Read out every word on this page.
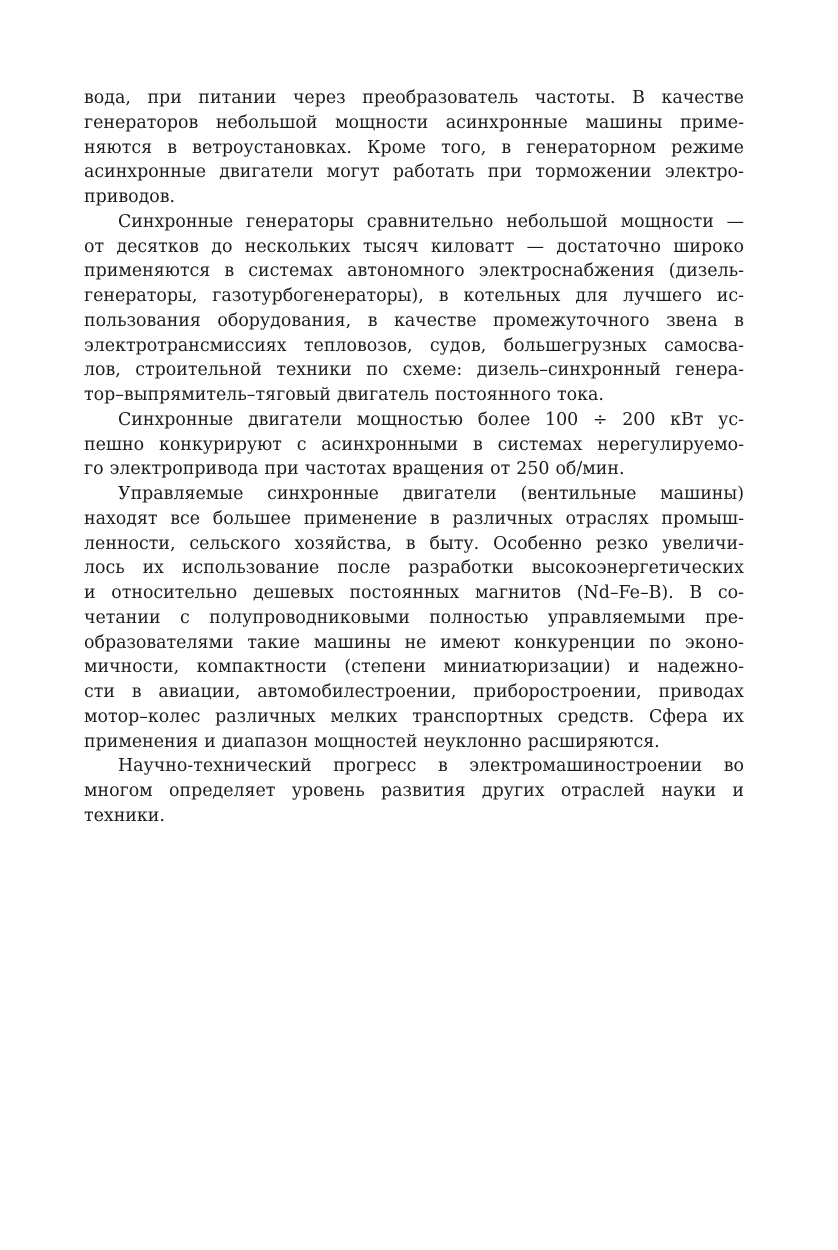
вода, при питании через преобразователь частоты. В качестве
генераторов небольшой мощности асинхронные машины приме-
няются в ветроустановках. Кроме того, в генераторном режиме
асинхронные двигатели могут работать при торможении электро-
приводов.
Синхронные генераторы сравнительно небольшой мощности —
от десятков до нескольких тысяч киловатт — достаточно широко
применяются в системах автономного электроснабжения (дизель-
генераторы, газотурбогенераторы), в котельных для лучшего ис-
пользования оборудования, в качестве промежуточного звена в
электротрансмиссиях тепловозов, судов, большегрузных самосва-
лов, строительной техники по схеме: дизель–синхронный генера-
тор–выпрямитель–тяговый двигатель постоянного тока.
Синхронные двигатели мощностью более 100 ÷ 200 кВт ус-
пешно конкурируют с асинхронными в системах нерегулируемо-
го электропривода при частотах вращения от 250 об/мин.
Управляемые синхронные двигатели (вентильные машины)
находят все большее применение в различных отраслях промыш-
ленности, сельского хозяйства, в быту. Особенно резко увеличи-
лось их использование после разработки высокоэнергетических
и относительно дешевых постоянных магнитов (Nd–Fe–B). В со-
четании с полупроводниковыми полностью управляемыми пре-
образователями такие машины не имеют конкуренции по эконо-
мичности, компактности (степени миниатюризации) и надежно-
сти в авиации, автомобилестроении, приборостроении, приводах
мотор–колес различных мелких транспортных средств. Сфера их
применения и диапазон мощностей неуклонно расширяются.
Научно-технический прогресс в электромашиностроении во
многом определяет уровень развития других отраслей науки и
техники.
